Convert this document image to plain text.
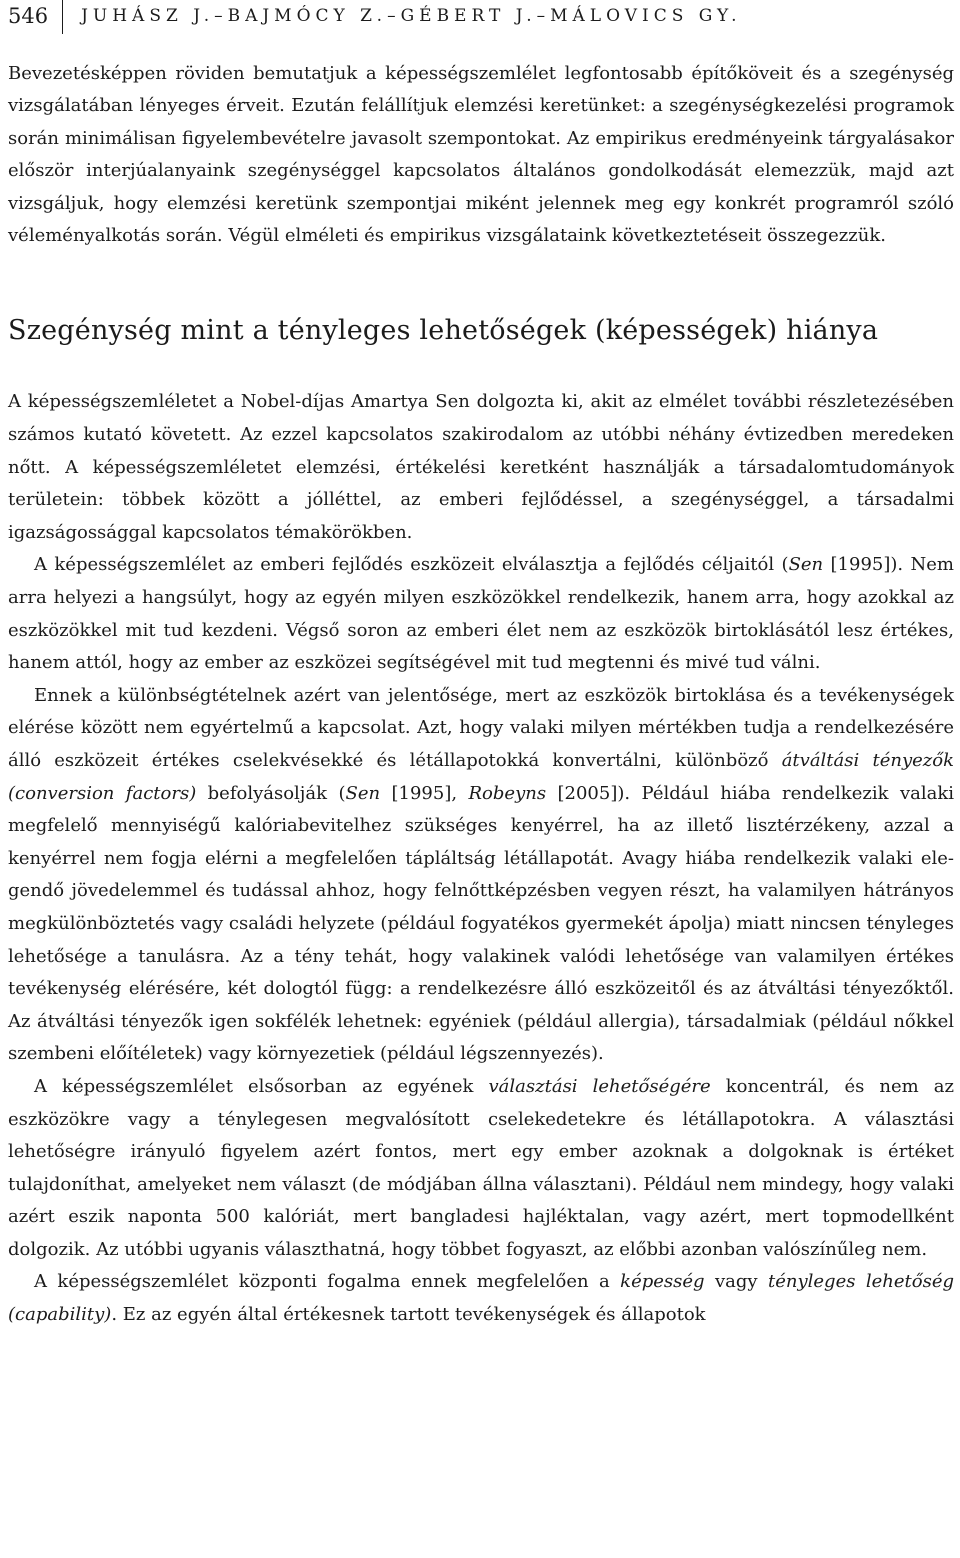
546	JUHÁSZ J.–BAJMÓCY Z.–GÉBERT J.–MÁLOVICS GY.

Bevezetésképpen röviden bemutatjuk a képességszemlélet legfontosabb építőköveit és a szegénység vizsgálatában lényeges érveit. Ezután felállítjuk elemzési keretünket: a szegénységkezelési programok során minimálisan figyelembevételre javasolt szempontokat. Az empirikus eredményeink tárgyalásakor először interjúalanyaink szegénységgel kapcsolatos általános gondolkodását elemezzük, majd azt vizsgáljuk, hogy elemzési keretünk szempontjai miként jelennek meg egy konkrét programról szóló véleményalkotás során. Végül elméleti és empirikus vizsgálataink következtetéseit összegezzük.

Szegénység mint a tényleges lehetőségek (képességek) hiánya

A képességszemléletet a Nobel-díjas Amartya Sen dolgozta ki, akit az elmélet további részletezésében számos kutató követett. Az ezzel kapcsolatos szakirodalom az utóbbi néhány évtizedben meredeken nőtt. A képességszemléletet elemzési, értékelési keretként használják a társadalomtudományok területein: többek között a jólléttel, az emberi fejlődéssel, a szegénységgel, a társadalmi igazságossággal kapcsolatos témakörökben.

A képességszemlélet az emberi fejlődés eszközeit elválasztja a fejlődés céljaitól (Sen [1995]). Nem arra helyezi a hangsúlyt, hogy az egyén milyen eszközökkel rendelkezik, hanem arra, hogy azokkal az eszközökkel mit tud kezdeni. Végső soron az emberi élet nem az eszközök birtoklásától lesz értékes, hanem attól, hogy az ember az eszközei segítségével mit tud megtenni és mivé tud válni.

Ennek a különbségtételnek azért van jelentősége, mert az eszközök birtoklása és a tevékenységek elérése között nem egyértelmű a kapcsolat. Azt, hogy valaki milyen mértékben tudja a rendelkezésére álló eszközeit értékes cselekvésekké és létállapotokká konvertálni, különböző átváltási tényezők (conversion factors) befolyásolják (Sen [1995], Robeyns [2005]). Például hiába rendelkezik valaki megfelelő mennyiségű kalóriabevitelhez szükséges kenyérrel, ha az illető lisztérzékeny, azzal a kenyérrel nem fogja elérni a megfelelően tápláltság létállapotát. Avagy hiába rendelkezik valaki elegendő jövedelemmel és tudással ahhoz, hogy felnőttképzésben vegyen részt, ha valamilyen hátrányos megkülönböztetés vagy családi helyzete (például fogyatékos gyermekét ápolja) miatt nincsen tényleges lehetősége a tanulásra. Az a tény tehát, hogy valakinek valódi lehetősége van valamilyen értékes tevékenység elérésére, két dologtól függ: a rendelkezésre álló eszközeitől és az átváltási tényezőktől. Az átváltási tényezők igen sokfélék lehetnek: egyéniek (például allergia), társadalmiak (például nőkkel szembeni előítéletek) vagy környezetiek (például légszennyezés).

A képességszemlélet elsősorban az egyének választási lehetőségére koncentrál, és nem az eszközökre vagy a ténylegesen megvalósított cselekedetekre és létállapotokra. A választási lehetőségre irányuló figyelem azért fontos, mert egy ember azoknak a dolgoknak is értéket tulajdoníthat, amelyeket nem választ (de módjában állna választani). Például nem mindegy, hogy valaki azért eszik naponta 500 kalóriát, mert bangladesi hajléktalan, vagy azért, mert topmodellként dolgozik. Az utóbbi ugyanis választhatná, hogy többet fogyaszt, az előbbi azonban valószínűleg nem.

A képességszemlélet központi fogalma ennek megfelelően a képesség vagy tényleges lehetőség (capability). Ez az egyén által értékesnek tartott tevékenységek és állapotok
